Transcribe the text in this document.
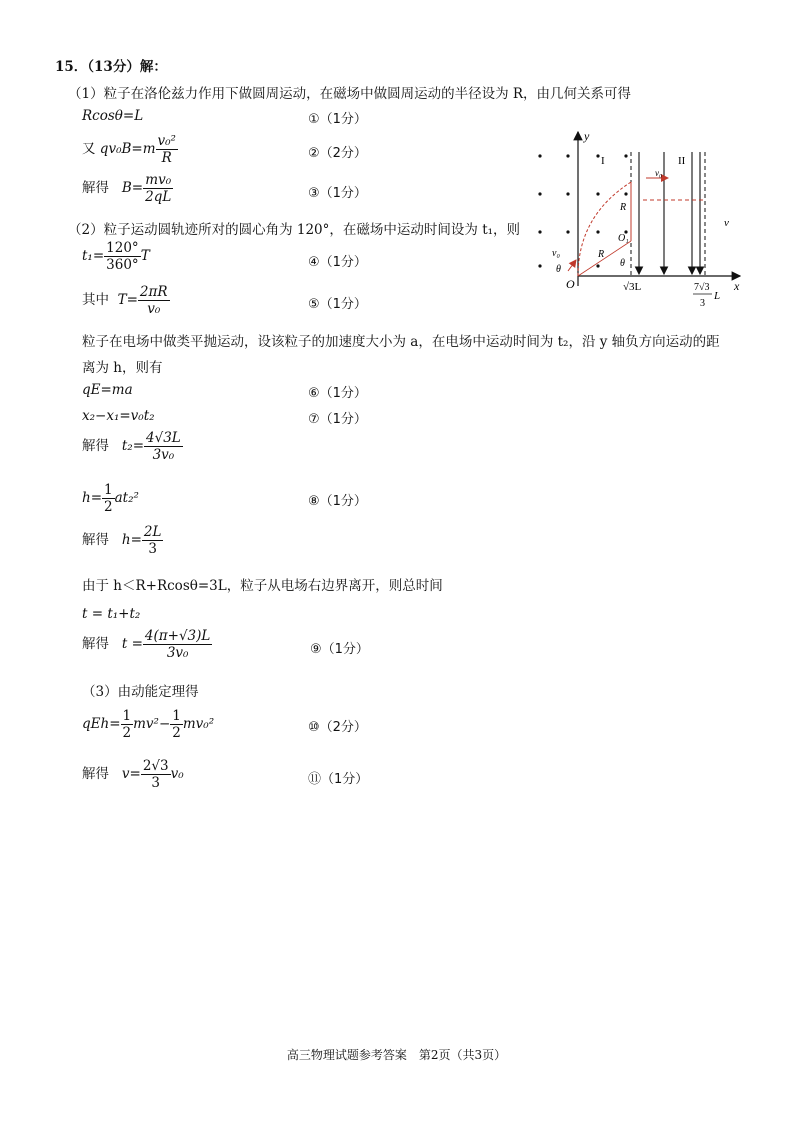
15．（13分）解：
（1）粒子在洛伦兹力作用下做圆周运动，在磁场中做圆周运动的半径设为 R，由几何关系可得
Rcosθ=L	①（1分）
又 $qv_0B=m \frac{\text{v₀²}}{R}$	②（2分）
解得 $B= \frac{\text{mv₀}}{2qL}$	③（1分）
（2）粒子运动圆轨迹所对的圆心角为 120°，在磁场中运动时间设为 t₁，则
$t_1= \frac{120^\circ}{360^\circ}$ T	④（1分）
其中 $T= \frac{2\pi R}{\text{v₀}}$	⑤（1分）
粒子在电场中做类平抛运动，设该粒子的加速度大小为 a，在电场中运动时间为 t₂，沿 y 轴负方向运动的距
离为 h，则有
qE=ma	⑥（1分）
x₂−x₁=v₀t₂	⑦（1分）
解得 $t_2= \frac{4√3L}{\text{3v₀}}$
$h= \frac{1}{2} at_2^2$	⑧（1分）
解得 $h= \frac{2L}{3}$
由于 h＜R+Rcosθ=3L，粒子从电场右边界离开，则总时间
t = t₁+t₂
解得 $t = \frac{4(\pi+√3)L}{\text{3v₀}}$	⑨（1分）
（3）由动能定理得
$qEh= \frac{1}{2} mv^2- \frac{1}{2} mv_0^2$	⑩（2分）
解得 $v= \frac{2√3}{3} v_0$	⑪（1分）
y
x
O
I	II
v₀
v₀
θ
θ
R
R
O₁
v
√3L	7√3
3
L
高三物理试题参考答案　第2页（共3页）
